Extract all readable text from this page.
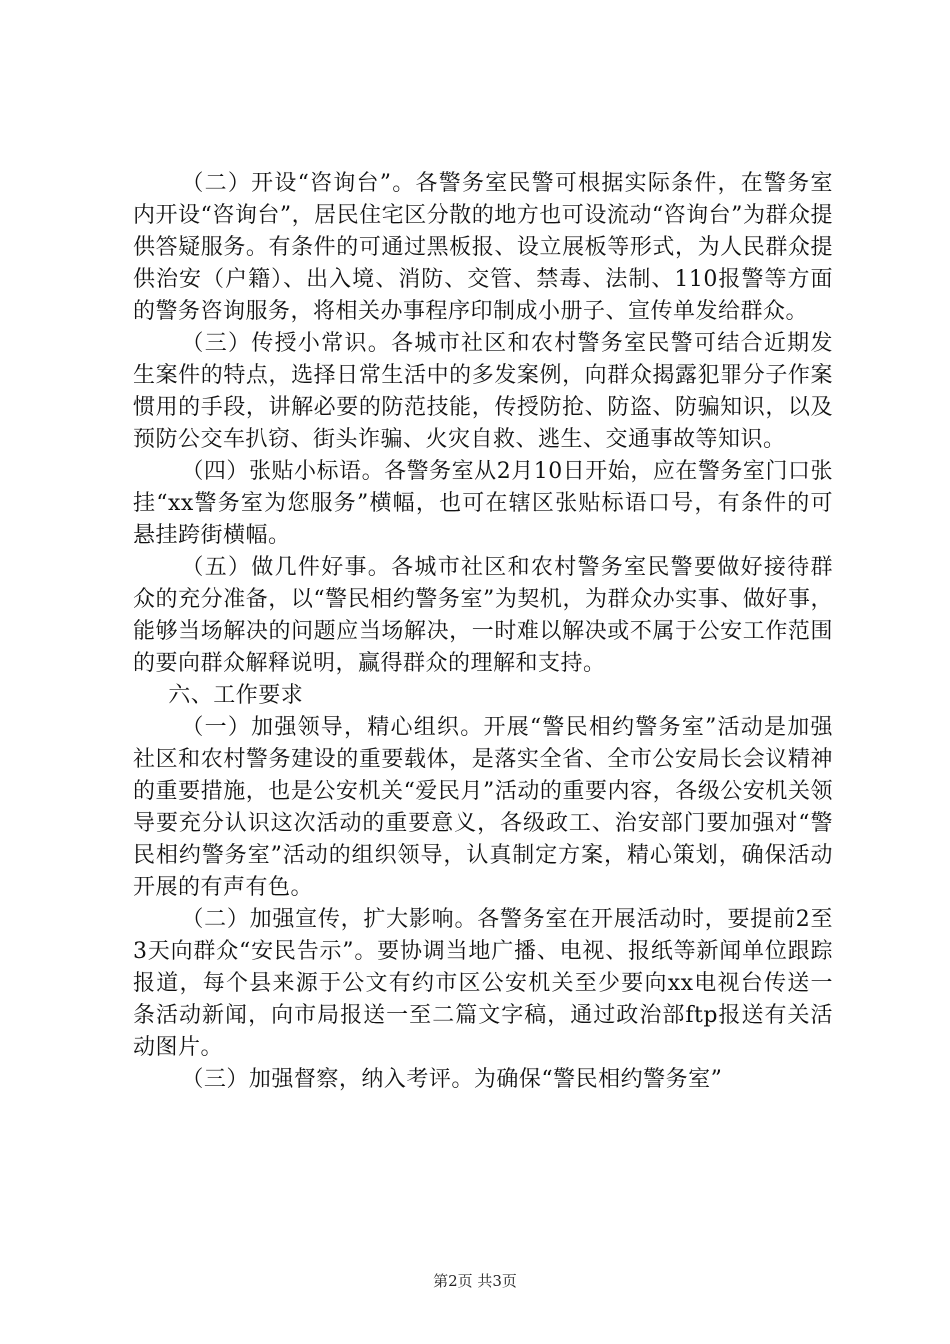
（二）开设“咨询台”。各警务室民警可根据实际条件，在警务室内开设“咨询台”，居民住宅区分散的地方也可设流动“咨询台”为群众提供答疑服务。有条件的可通过黑板报、设立展板等形式，为人民群众提供治安（户籍）、出入境、消防、交管、禁毒、法制、110报警等方面的警务咨询服务，将相关办事程序印制成小册子、宣传单发给群众。

（三）传授小常识。各城市社区和农村警务室民警可结合近期发生案件的特点，选择日常生活中的多发案例，向群众揭露犯罪分子作案惯用的手段，讲解必要的防范技能，传授防抢、防盗、防骗知识，以及预防公交车扒窃、街头诈骗、火灾自救、逃生、交通事故等知识。

（四）张贴小标语。各警务室从2月10日开始，应在警务室门口张挂“xx警务室为您服务”横幅，也可在辖区张贴标语口号，有条件的可悬挂跨街横幅。

（五）做几件好事。各城市社区和农村警务室民警要做好接待群众的充分准备，以“警民相约警务室”为契机，为群众办实事、做好事，能够当场解决的问题应当场解决，一时难以解决或不属于公安工作范围的要向群众解释说明，赢得群众的理解和支持。

六、工作要求

（一）加强领导，精心组织。开展“警民相约警务室”活动是加强社区和农村警务建设的重要载体，是落实全省、全市公安局长会议精神的重要措施，也是公安机关“爱民月”活动的重要内容，各级公安机关领导要充分认识这次活动的重要意义，各级政工、治安部门要加强对“警民相约警务室”活动的组织领导，认真制定方案，精心策划，确保活动开展的有声有色。

（二）加强宣传，扩大影响。各警务室在开展活动时，要提前2至3天向群众“安民告示”。要协调当地广播、电视、报纸等新闻单位跟踪报道，每个县来源于公文有约市区公安机关至少要向xx电视台传送一条活动新闻，向市局报送一至二篇文字稿，通过政治部ftp报送有关活动图片。

（三）加强督察，纳入考评。为确保“警民相约警务室”

第2页 共3页
